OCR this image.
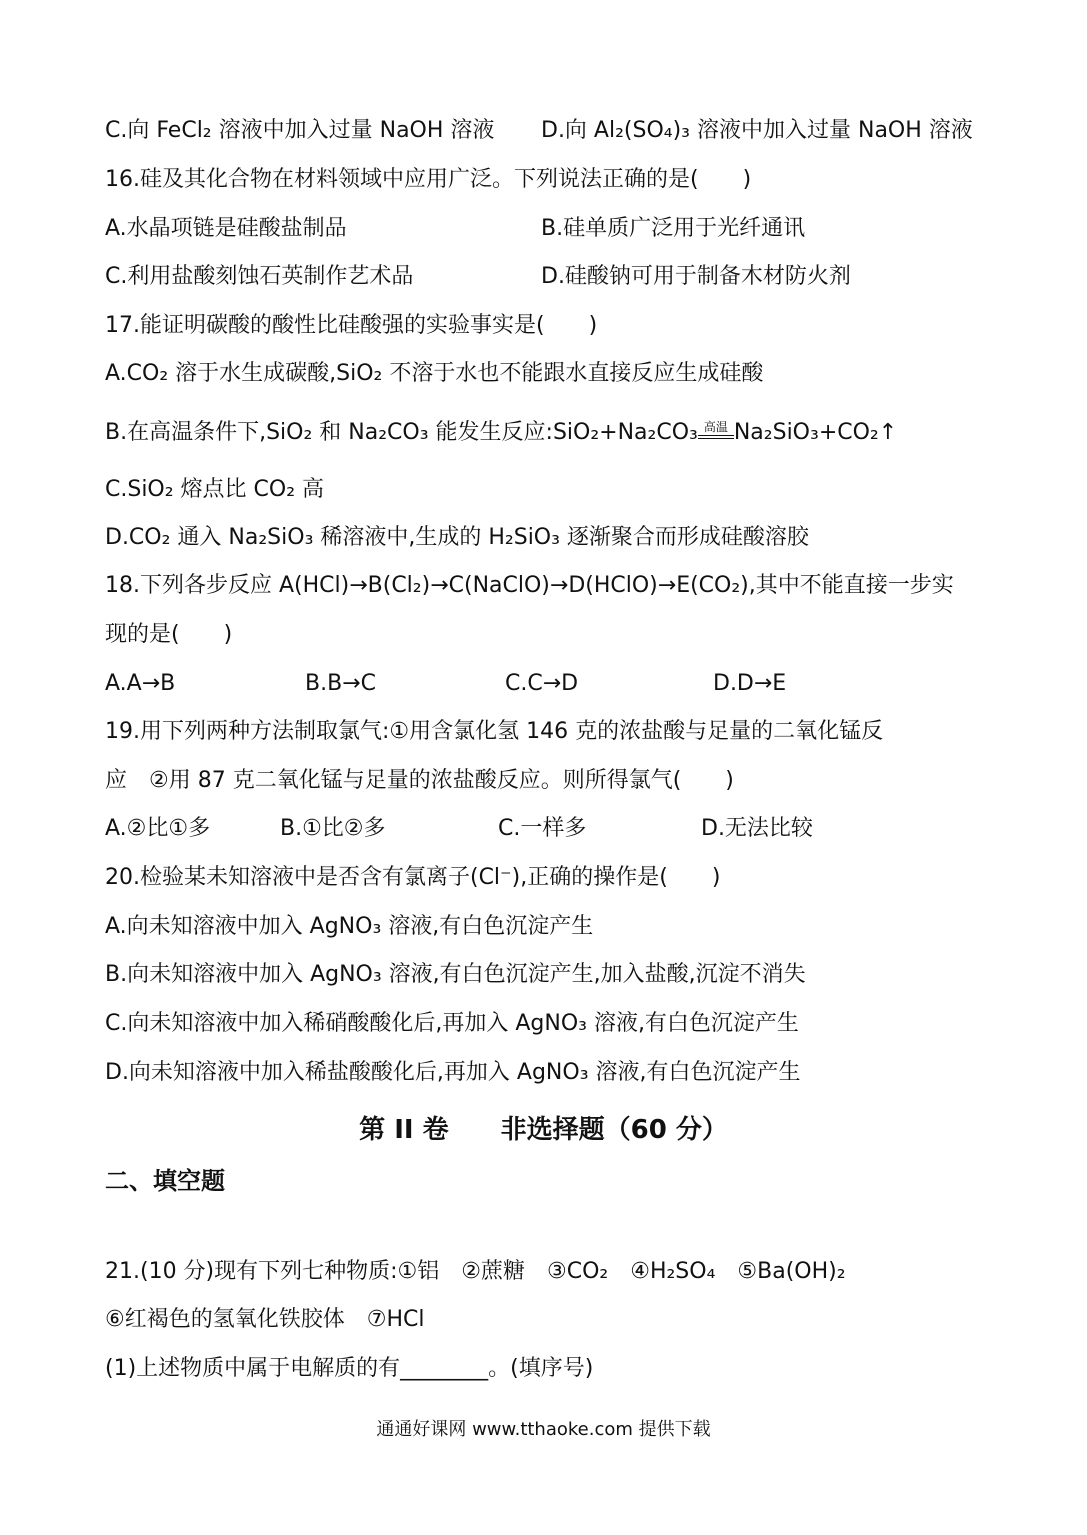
C.向 FeCl₂ 溶液中加入过量 NaOH 溶液 D.向 Al₂(SO₄)₃ 溶液中加入过量 NaOH 溶液
16.硅及其化合物在材料领域中应用广泛。下列说法正确的是(　　)
A.水晶项链是硅酸盐制品	B.硅单质广泛用于光纤通讯
C.利用盐酸刻蚀石英制作艺术品	D.硅酸钠可用于制备木材防火剂
17.能证明碳酸的酸性比硅酸强的实验事实是(　　)
A.CO₂ 溶于水生成碳酸,SiO₂ 不溶于水也不能跟水直接反应生成硅酸
B.在高温条件下,SiO₂ 和 Na₂CO₃ 能发生反应:SiO₂+Na₂CO₃ 高温 Na₂SiO₃+CO₂↑
C.SiO₂ 熔点比 CO₂ 高
D.CO₂ 通入 Na₂SiO₃ 稀溶液中,生成的 H₂SiO₃ 逐渐聚合而形成硅酸溶胶
18.下列各步反应 A(HCl)→B(Cl₂)→C(NaClO)→D(HClO)→E(CO₂),其中不能直接一步实
现的是(　　)
A.A→B	B.B→C	C.C→D	D.D→E
19.用下列两种方法制取氯气:①用含氯化氢 146 克的浓盐酸与足量的二氧化锰反
应　②用 87 克二氧化锰与足量的浓盐酸反应。则所得氯气(　　)
A.②比①多	B.①比②多	C.一样多	D.无法比较
20.检验某未知溶液中是否含有氯离子(Cl⁻),正确的操作是(　　)
A.向未知溶液中加入 AgNO₃ 溶液,有白色沉淀产生
B.向未知溶液中加入 AgNO₃ 溶液,有白色沉淀产生,加入盐酸,沉淀不消失
C.向未知溶液中加入稀硝酸酸化后,再加入 AgNO₃ 溶液,有白色沉淀产生
D.向未知溶液中加入稀盐酸酸化后,再加入 AgNO₃ 溶液,有白色沉淀产生
第 II 卷　　非选择题（60 分）
二、填空题
21.(10 分)现有下列七种物质:①铝　②蔗糖　③CO₂　④H₂SO₄　⑤Ba(OH)₂
⑥红褐色的氢氧化铁胶体　⑦HCl
(1)上述物质中属于电解质的有________。(填序号)
通通好课网 www.tthaoke.com 提供下载
